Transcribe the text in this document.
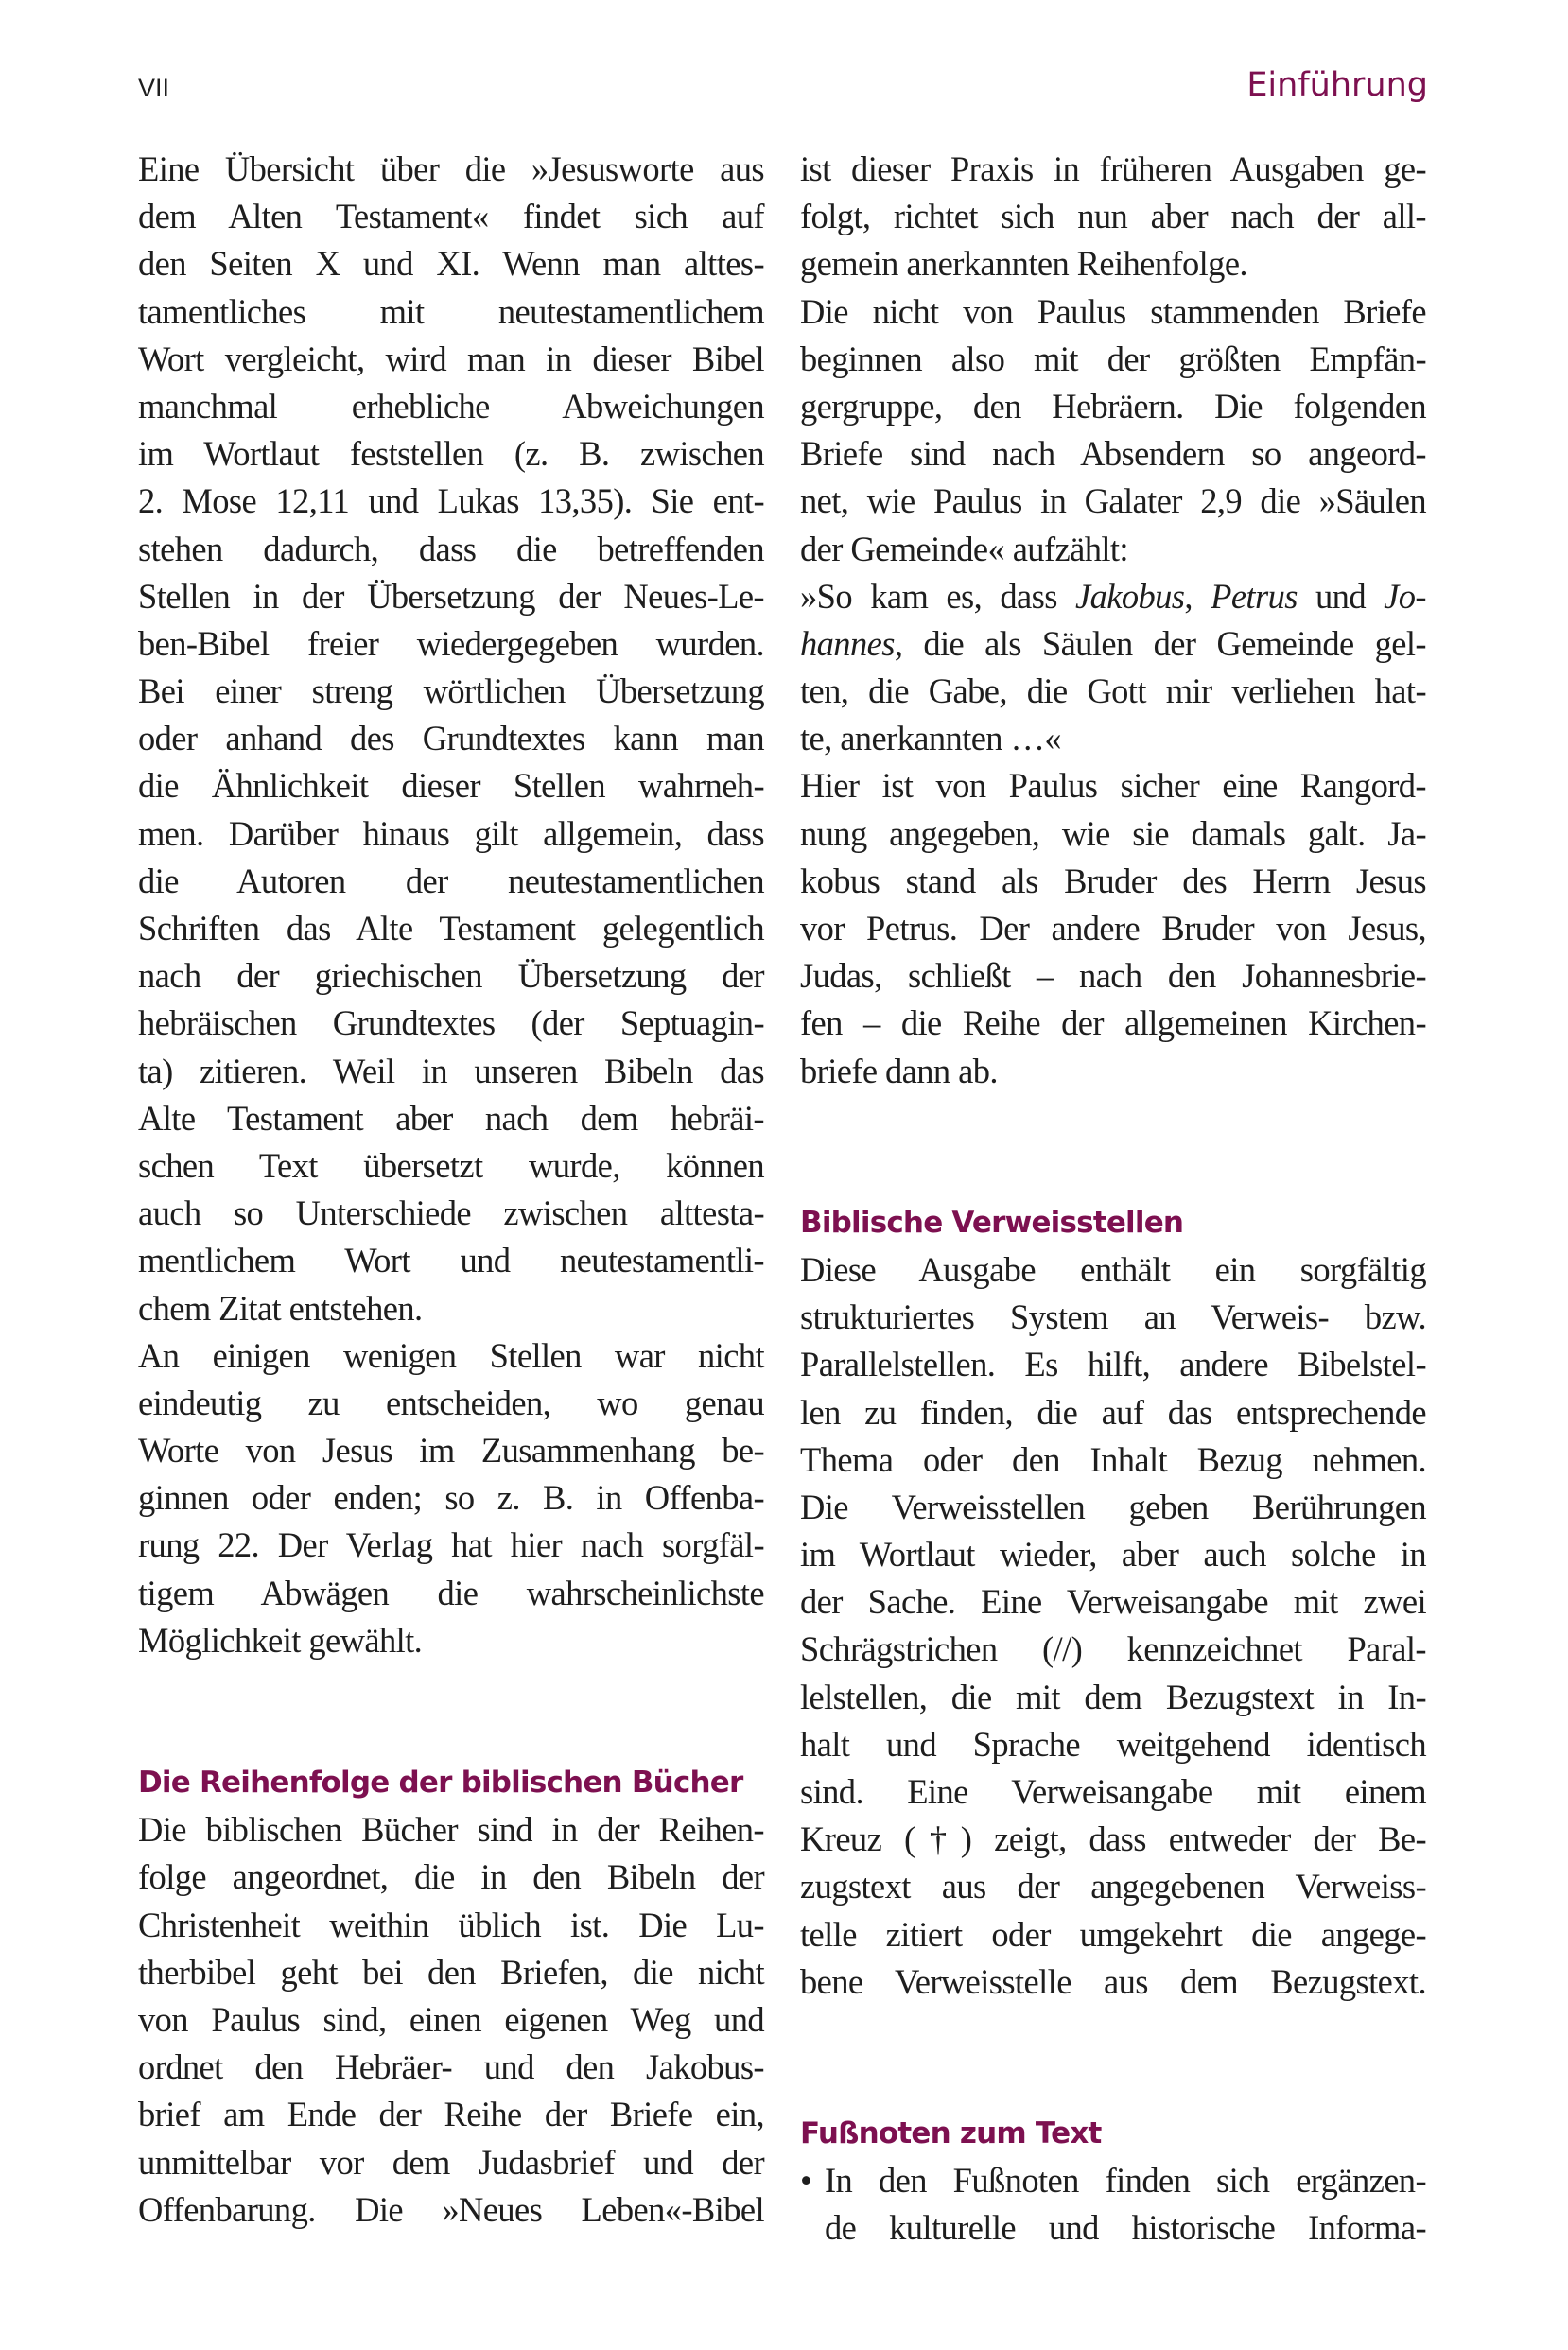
VII	Einführung
Eine Übersicht über die »Jesusworte aus
dem Alten Testament« findet sich auf
den Seiten X und XI. Wenn man alttes-
tamentliches mit neutestamentlichem
Wort vergleicht, wird man in dieser Bibel
manchmal erhebliche Abweichungen
im Wortlaut feststellen (z. B. zwischen
2. Mose 12,11 und Lukas 13,35). Sie ent-
stehen dadurch, dass die betreffenden
Stellen in der Übersetzung der Neues-Le-
ben-Bibel freier wiedergegeben wurden.
Bei einer streng wörtlichen Übersetzung
oder anhand des Grundtextes kann man
die Ähnlichkeit dieser Stellen wahrneh-
men. Darüber hinaus gilt allgemein, dass
die Autoren der neutestamentlichen
Schriften das Alte Testament gelegentlich
nach der griechischen Übersetzung der
hebräischen Grundtextes (der Septuagin-
ta) zitieren. Weil in unseren Bibeln das
Alte Testament aber nach dem hebräi-
schen Text übersetzt wurde, können
auch so Unterschiede zwischen alttesta-
mentlichem Wort und neutestamentli-
chem Zitat entstehen.
An einigen wenigen Stellen war nicht
eindeutig zu entscheiden, wo genau
Worte von Jesus im Zusammenhang be-
ginnen oder enden; so z. B. in Offenba-
rung 22. Der Verlag hat hier nach sorgfäl-
tigem Abwägen die wahrscheinlichste
Möglichkeit gewählt.
Die Reihenfolge der biblischen Bücher
Die biblischen Bücher sind in der Reihen-
folge angeordnet, die in den Bibeln der
Christenheit weithin üblich ist. Die Lu-
therbibel geht bei den Briefen, die nicht
von Paulus sind, einen eigenen Weg und
ordnet den Hebräer- und den Jakobus-
brief am Ende der Reihe der Briefe ein,
unmittelbar vor dem Judasbrief und der
Offenbarung. Die »Neues Leben«-Bibel
ist dieser Praxis in früheren Ausgaben ge-
folgt, richtet sich nun aber nach der all-
gemein anerkannten Reihenfolge.
Die nicht von Paulus stammenden Briefe
beginnen also mit der größten Empfän-
gergruppe, den Hebräern. Die folgenden
Briefe sind nach Absendern so angeord-
net, wie Paulus in Galater 2,9 die »Säulen
der Gemeinde« aufzählt:
»So kam es, dass Jakobus, Petrus und Jo-
hannes, die als Säulen der Gemeinde gel-
ten, die Gabe, die Gott mir verliehen hat-
te, anerkannten …«
Hier ist von Paulus sicher eine Rangord-
nung angegeben, wie sie damals galt. Ja-
kobus stand als Bruder des Herrn Jesus
vor Petrus. Der andere Bruder von Jesus,
Judas, schließt – nach den Johannesbrie-
fen – die Reihe der allgemeinen Kirchen-
briefe dann ab.
Biblische Verweisstellen
Diese Ausgabe enthält ein sorgfältig
strukturiertes System an Verweis- bzw.
Parallelstellen. Es hilft, andere Bibelstel-
len zu finden, die auf das entsprechende
Thema oder den Inhalt Bezug nehmen.
Die Verweisstellen geben Berührungen
im Wortlaut wieder, aber auch solche in
der Sache. Eine Verweisangabe mit zwei
Schrägstrichen (//) kennzeichnet Paral-
lelstellen, die mit dem Bezugstext in In-
halt und Sprache weitgehend identisch
sind. Eine Verweisangabe mit einem
Kreuz (†) zeigt, dass entweder der Be-
zugstext aus der angegebenen Verweiss-
telle zitiert oder umgekehrt die angege-
bene Verweisstelle aus dem Bezugstext.
Fußnoten zum Text
• In den Fußnoten finden sich ergänzen-
de kulturelle und historische Informa-
